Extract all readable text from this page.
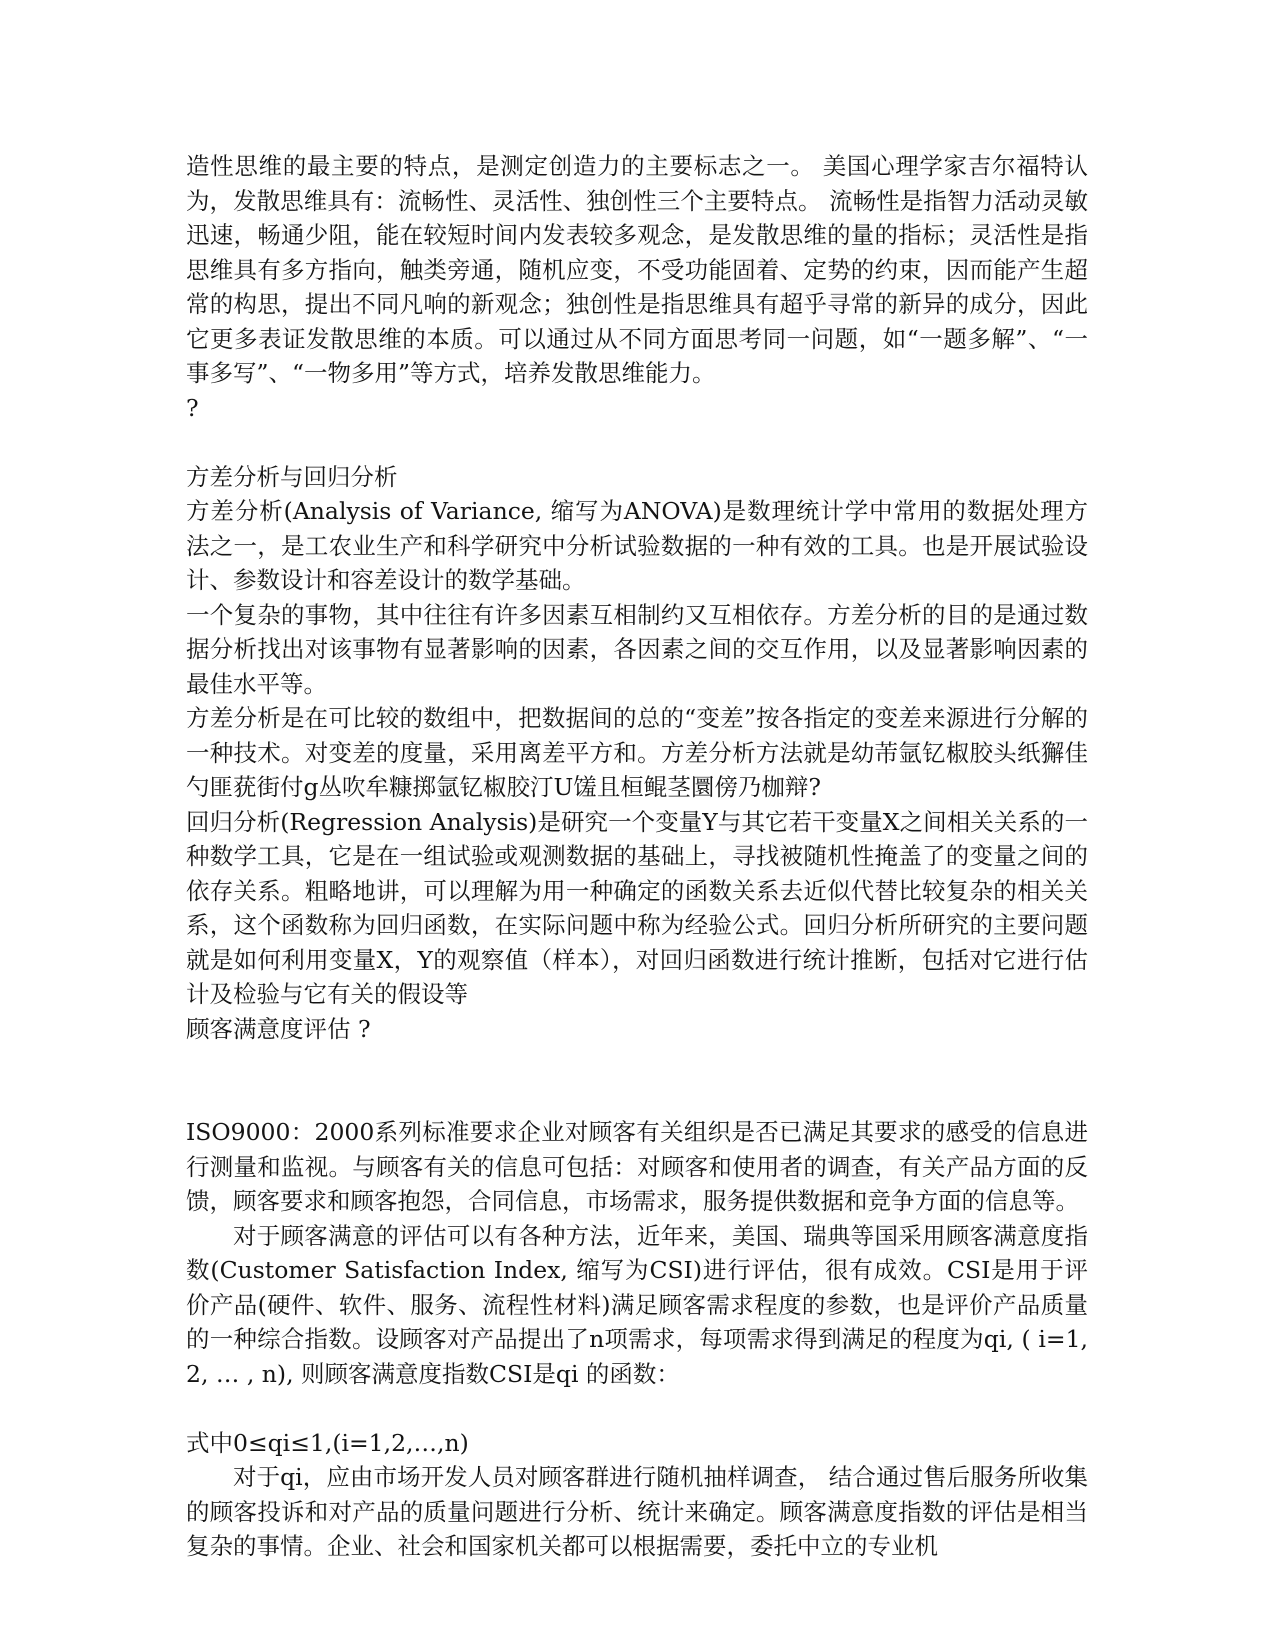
造性思维的最主要的特点，是测定创造力的主要标志之一。 美国心理学家吉尔福特认为，发散思维具有：流畅性、灵活性、独创性三个主要特点。 流畅性是指智力活动灵敏迅速，畅通少阻，能在较短时间内发表较多观念，是发散思维的量的指标；灵活性是指思维具有多方指向，触类旁通，随机应变，不受功能固着、定势的约束，因而能产生超常的构思，提出不同凡响的新观念；独创性是指思维具有超乎寻常的新异的成分，因此它更多表证发散思维的本质。可以通过从不同方面思考同一问题，如“一题多解”、“一事多写”、“一物多用”等方式，培养发散思维能力。

?

方差分析与回归分析

方差分析(Analysis of Variance, 缩写为ANOVA)是数理统计学中常用的数据处理方法之一，是工农业生产和科学研究中分析试验数据的一种有效的工具。也是开展试验设计、参数设计和容差设计的数学基础。

一个复杂的事物，其中往往有许多因素互相制约又互相依存。方差分析的目的是通过数据分析找出对该事物有显著影响的因素，各因素之间的交互作用，以及显著影响因素的最佳水平等。

方差分析是在可比较的数组中，把数据间的总的“变差”按各指定的变差来源进行分解的一种技术。对变差的度量，采用离差平方和。方差分析方法就是幼芾氩钇椒胶头纸獬佳勺匪莸街付g丛吹牟糠掷氩钇椒胶汀U馐且桓鲲茎圜傍乃枷辩?

回归分析(Regression Analysis)是研究一个变量Y与其它若干变量X之间相关关系的一种数学工具，它是在一组试验或观测数据的基础上，寻找被随机性掩盖了的变量之间的依存关系。粗略地讲，可以理解为用一种确定的函数关系去近似代替比较复杂的相关关系，这个函数称为回归函数，在实际问题中称为经验公式。回归分析所研究的主要问题就是如何利用变量X，Y的观察值（样本），对回归函数进行统计推断，包括对它进行估计及检验与它有关的假设等

顾客满意度评估 ?

ISO9000：2000系列标准要求企业对顾客有关组织是否已满足其要求的感受的信息进行测量和监视。与顾客有关的信息可包括：对顾客和使用者的调查，有关产品方面的反馈，顾客要求和顾客抱怨，合同信息，市场需求，服务提供数据和竞争方面的信息等。

对于顾客满意的评估可以有各种方法，近年来，美国、瑞典等国采用顾客满意度指数(Customer Satisfaction Index, 缩写为CSI)进行评估，很有成效。CSI是用于评价产品(硬件、软件、服务、流程性材料)满足顾客需求程度的参数，也是评价产品质量的一种综合指数。设顾客对产品提出了n项需求，每项需求得到满足的程度为qi, ( i=1, 2, … , n), 则顾客满意度指数CSI是qi 的函数：

式中0≤qi≤1,(i=1,2,…,n)

对于qi，应由市场开发人员对顾客群进行随机抽样调查， 结合通过售后服务所收集的顾客投诉和对产品的质量问题进行分析、统计来确定。顾客满意度指数的评估是相当复杂的事情。企业、社会和国家机关都可以根据需要，委托中立的专业机
